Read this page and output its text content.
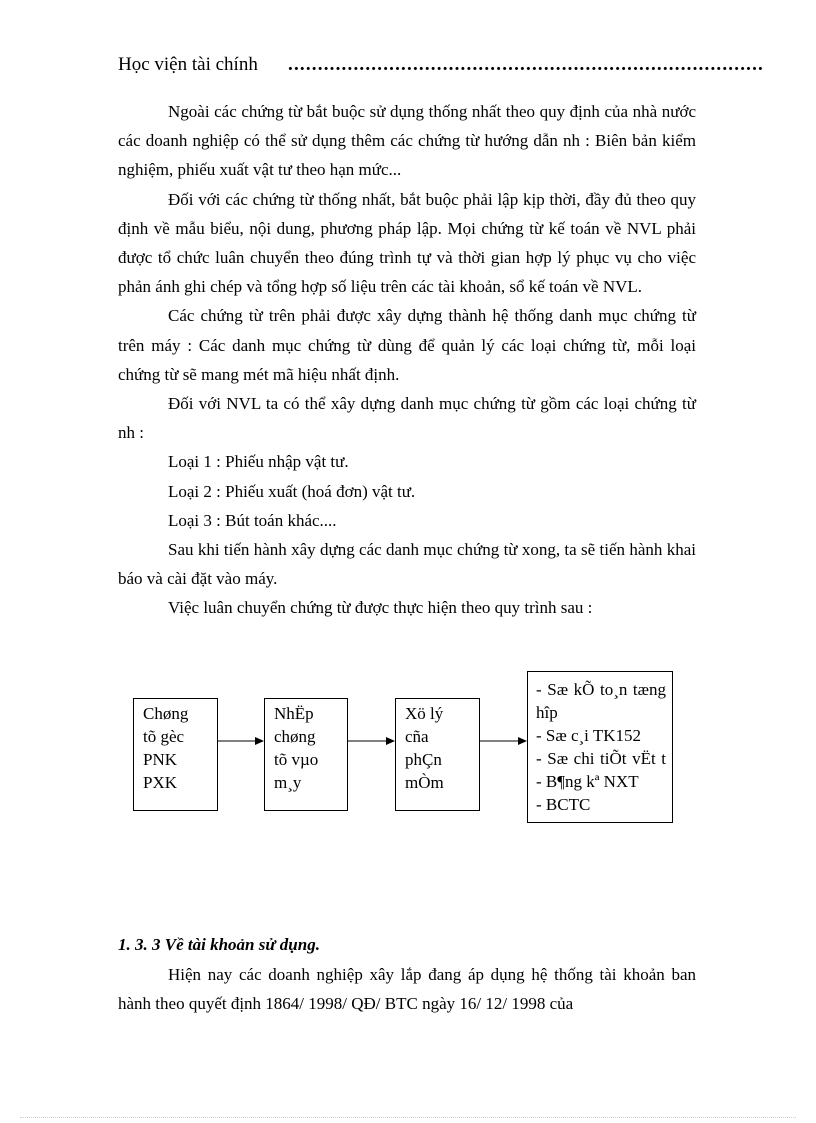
Học viện tài chính ................................................................................

Ngoài các chứng từ bắt buộc sử dụng thống nhất theo quy định của nhà nước các doanh nghiệp có thể sử dụng thêm các chứng từ hướng dẫn nh : Biên bản kiểm nghiệm, phiếu xuất vật tư theo hạn mức...

Đối với các chứng từ thống nhất, bắt buộc phải lập kịp thời, đầy đủ theo quy định về mẫu biểu, nội dung, phương pháp lập. Mọi chứng từ kế toán về NVL phải được tổ chức luân chuyển theo đúng trình tự và thời gian hợp lý phục vụ cho việc phản ánh ghi chép và tổng hợp số liệu trên các tài khoản, sổ kế toán về NVL.

Các chứng từ trên phải được xây dựng thành hệ thống danh mục chứng từ trên máy : Các danh mục chứng từ dùng để quản lý các loại chứng từ, mỗi loại chứng từ sẽ mang mét mã hiệu nhất định.

Đối với NVL ta có thể xây dựng danh mục chứng từ gồm các loại chứng từ nh :

Loại 1 : Phiếu nhập vật tư.

Loại 2 : Phiếu xuất (hoá đơn) vật tư.

Loại 3 : Bút toán khác....

Sau khi tiến hành xây dựng các danh mục chứng từ xong, ta sẽ tiến hành khai báo và cài đặt vào máy.

Việc luân chuyển chứng từ được thực hiện theo quy trình sau :

Chøng
tõ gèc
PNK
PXK
NhËp
chøng
tõ vµo
m¸y
Xö lý
cña
phÇn
mÒm
- Sæ kÕ to¸n tæng hîp
- Sæ c¸i TK152
- Sæ chi tiÕt vËt t
- B¶ng kª NXT
- BCTC
1. 3. 3 Về tài khoản sử dụng.

Hiện nay các doanh nghiệp xây lắp đang áp dụng hệ thống tài khoản ban hành theo quyết định 1864/ 1998/ QĐ/ BTC ngày 16/ 12/ 1998 của
